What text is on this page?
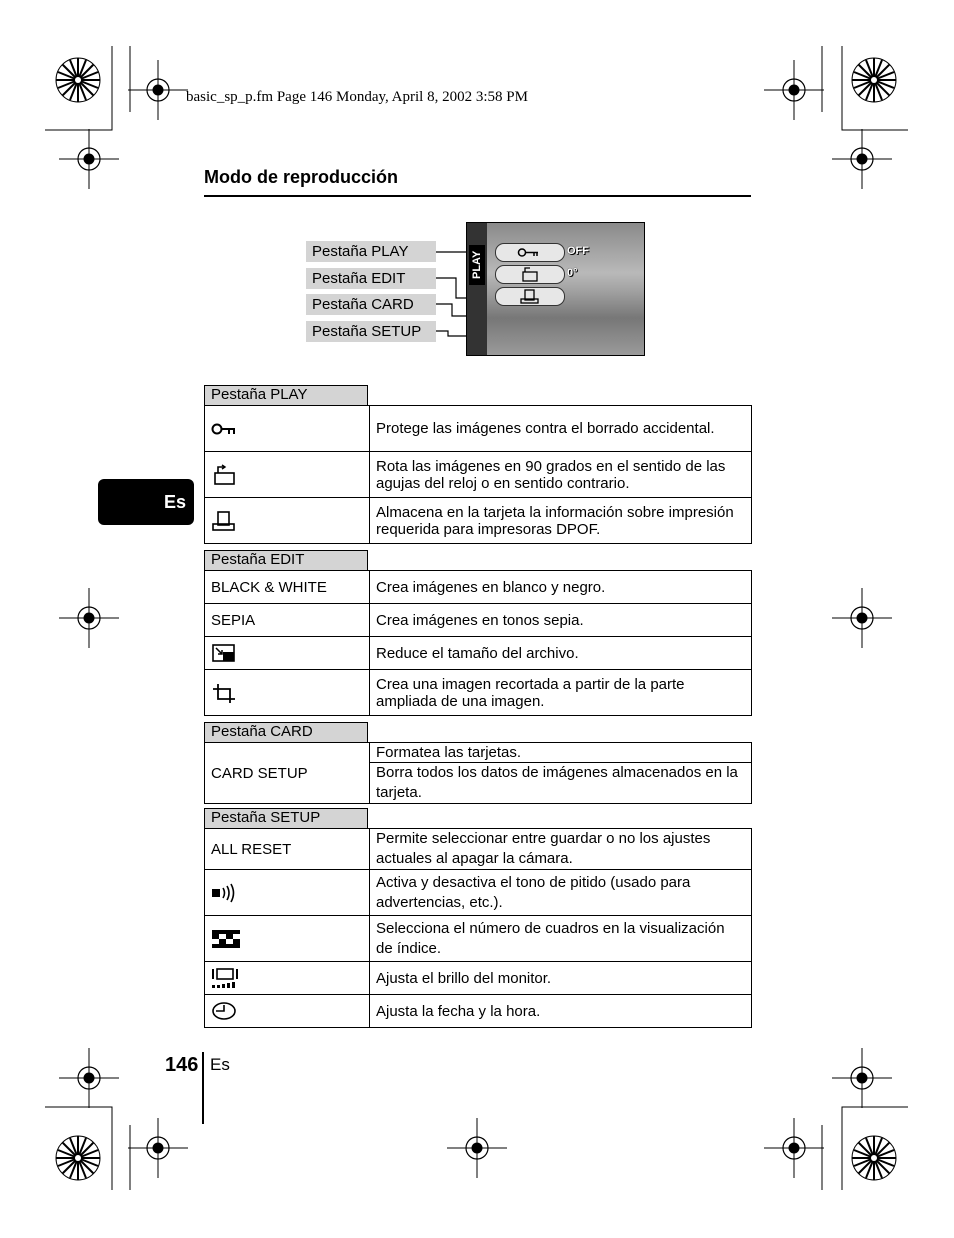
basic_sp_p.fm Page 146 Monday, April 8, 2002 3:58 PM
Modo de reproducción
Pestaña PLAY
Pestaña EDIT
Pestaña CARD
Pestaña SETUP
PLAY	OFF
0°
Es
Pestaña PLAY
	Protege las imágenes contra el borrado accidental.
	Rota las imágenes en 90 grados en el sentido de las agujas del reloj o en sentido contrario.
	Almacena en la tarjeta la información sobre impresión requerida para impresoras DPOF.
Pestaña EDIT
BLACK & WHITE	Crea imágenes en blanco y negro.
SEPIA	Crea imágenes en tonos sepia.
	Reduce el tamaño del archivo.
	Crea una imagen recortada a partir de la parte ampliada de una imagen.
Pestaña CARD
CARD SETUP	Formatea las tarjetas.
Borra todos los datos de imágenes almacenados en la tarjeta.
Pestaña SETUP
ALL RESET	Permite seleccionar entre guardar o no los ajustes actuales al apagar la cámara.
	Activa y desactiva el tono de pitido (usado para advertencias, etc.).
	Selecciona el número de cuadros en la visualización de índice.
	Ajusta el brillo del monitor.
	Ajusta la fecha y la hora.
146 Es
